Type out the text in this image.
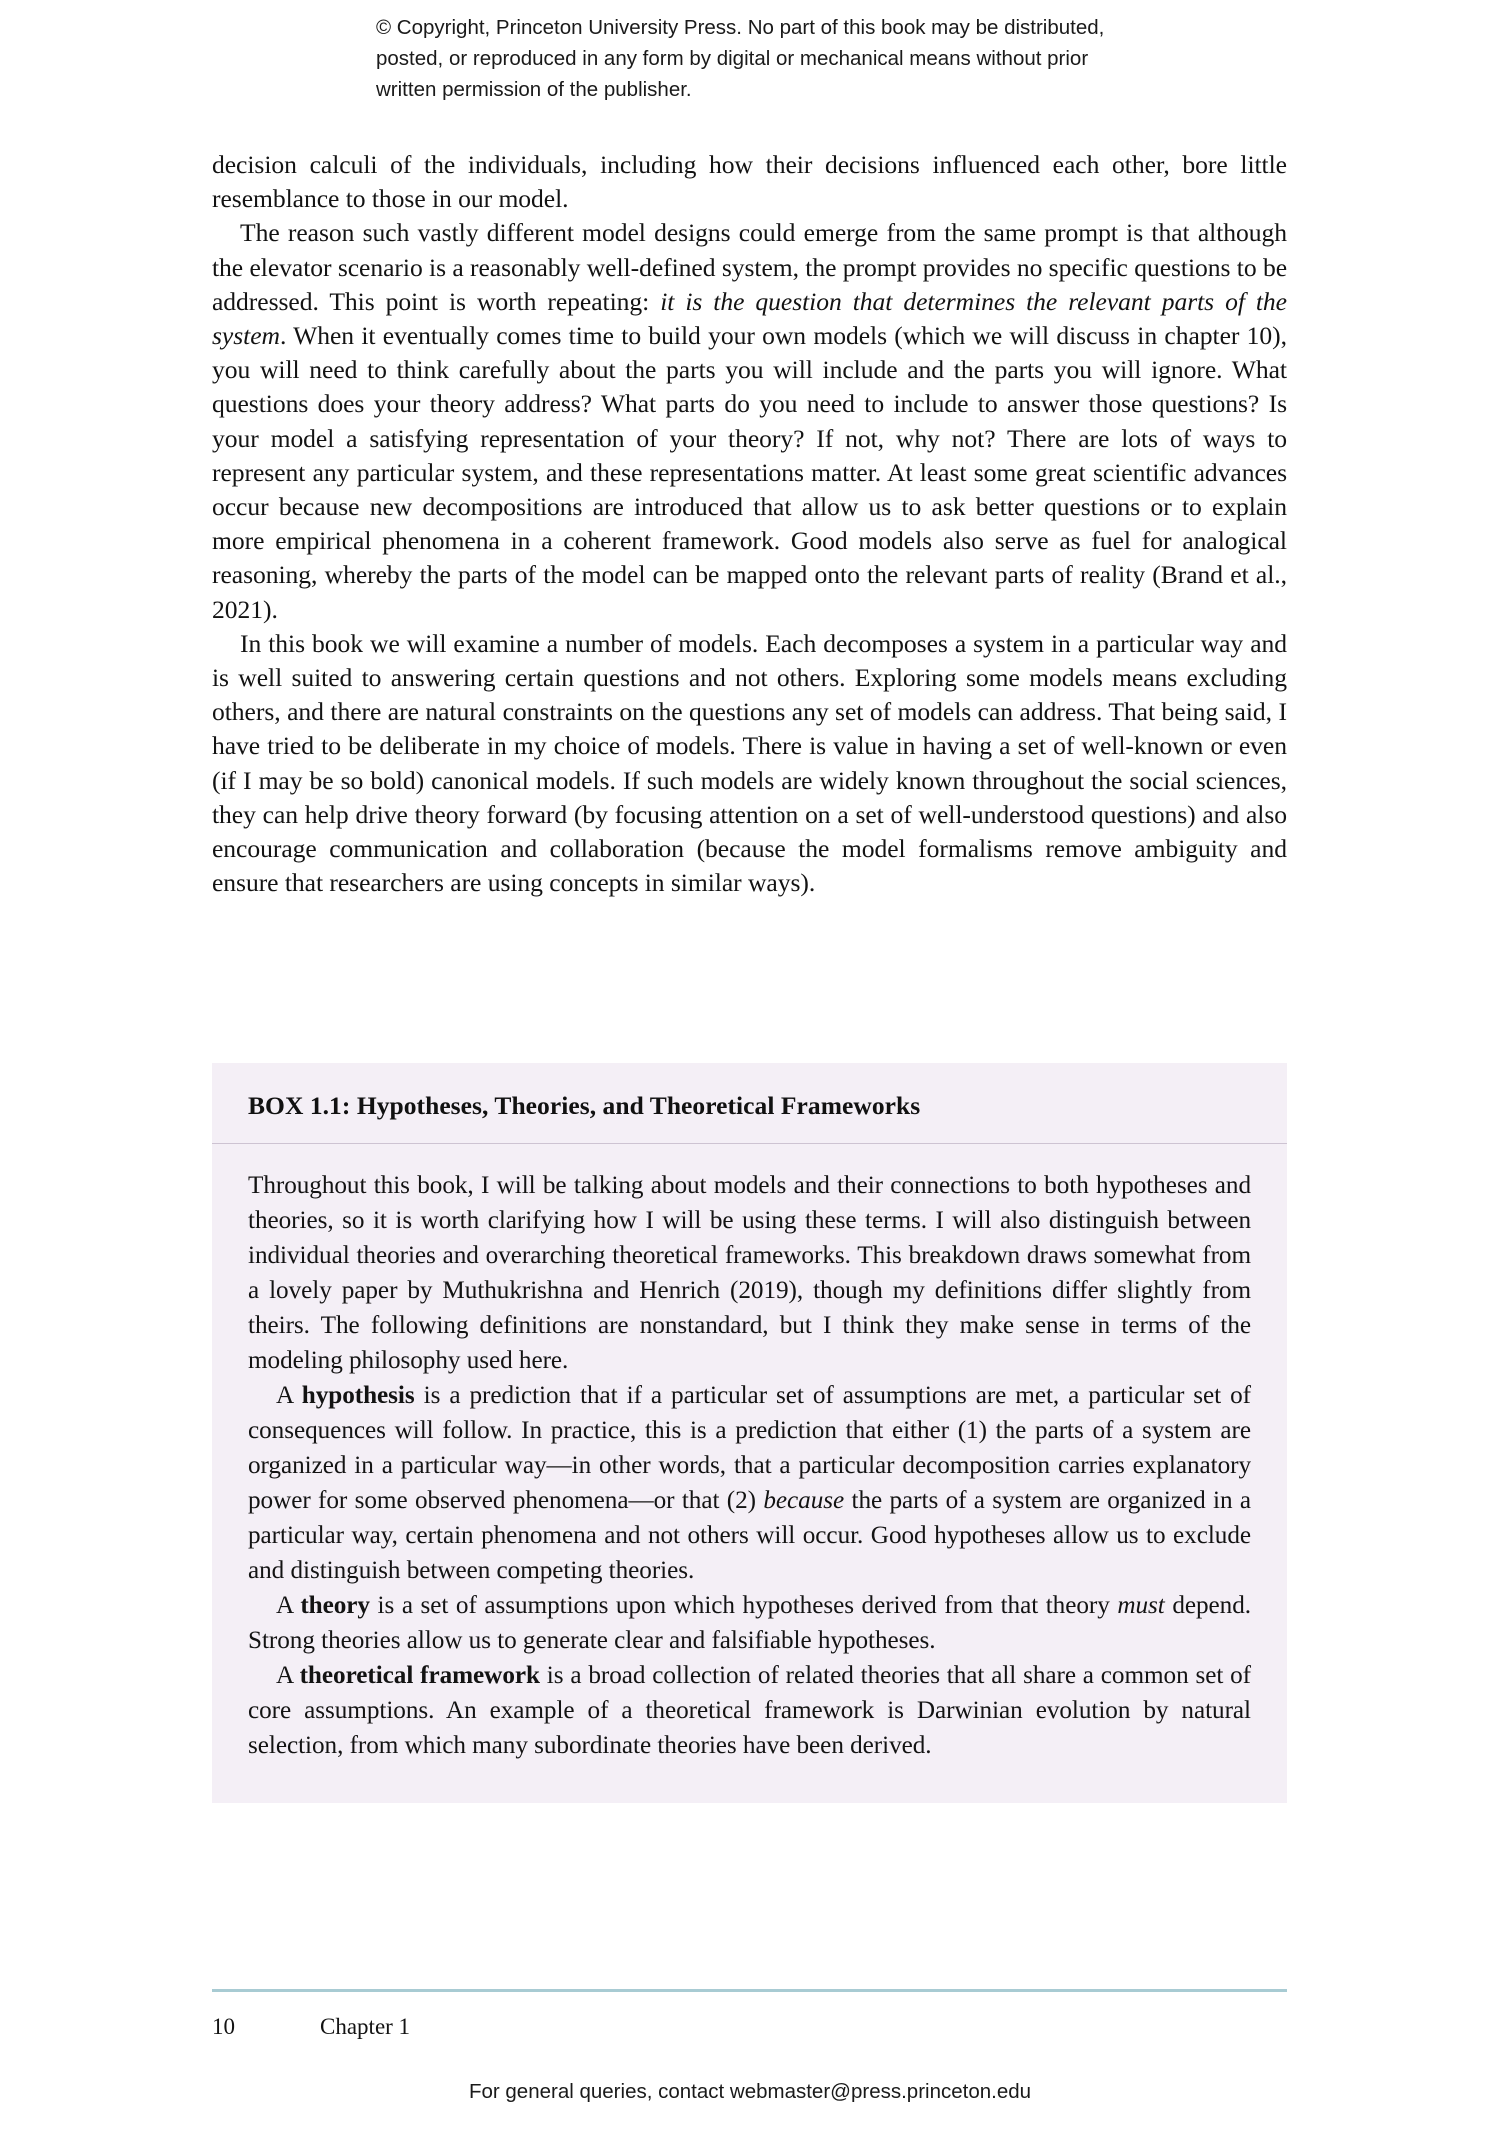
© Copyright, Princeton University Press. No part of this book may be distributed, posted, or reproduced in any form by digital or mechanical means without prior written permission of the publisher.

decision calculi of the individuals, including how their decisions influenced each other, bore little resemblance to those in our model.

The reason such vastly different model designs could emerge from the same prompt is that although the elevator scenario is a reasonably well-defined system, the prompt provides no specific questions to be addressed. This point is worth repeating: it is the question that determines the relevant parts of the system. When it eventually comes time to build your own models (which we will discuss in chapter 10), you will need to think carefully about the parts you will include and the parts you will ignore. What questions does your theory address? What parts do you need to include to answer those questions? Is your model a satisfying representation of your theory? If not, why not? There are lots of ways to represent any particular system, and these representations matter. At least some great scientific advances occur because new decompositions are introduced that allow us to ask better questions or to explain more empirical phenomena in a coherent framework. Good models also serve as fuel for analogical reasoning, whereby the parts of the model can be mapped onto the relevant parts of reality (Brand et al., 2021).

In this book we will examine a number of models. Each decomposes a system in a particular way and is well suited to answering certain questions and not others. Exploring some models means excluding others, and there are natural constraints on the questions any set of models can address. That being said, I have tried to be deliberate in my choice of models. There is value in having a set of well-known or even (if I may be so bold) canonical models. If such models are widely known throughout the social sciences, they can help drive theory forward (by focusing attention on a set of well-understood questions) and also encourage communication and collaboration (because the model formalisms remove ambiguity and ensure that researchers are using concepts in similar ways).

BOX 1.1: Hypotheses, Theories, and Theoretical Frameworks

Throughout this book, I will be talking about models and their connections to both hypotheses and theories, so it is worth clarifying how I will be using these terms. I will also distinguish between individual theories and overarching theoretical frameworks. This breakdown draws somewhat from a lovely paper by Muthukrishna and Henrich (2019), though my definitions differ slightly from theirs. The following definitions are nonstandard, but I think they make sense in terms of the modeling philosophy used here.

A hypothesis is a prediction that if a particular set of assumptions are met, a particular set of consequences will follow. In practice, this is a prediction that either (1) the parts of a system are organized in a particular way—in other words, that a particular decomposition carries explanatory power for some observed phenomena—or that (2) because the parts of a system are organized in a particular way, certain phenomena and not others will occur. Good hypotheses allow us to exclude and distinguish between competing theories.

A theory is a set of assumptions upon which hypotheses derived from that theory must depend. Strong theories allow us to generate clear and falsifiable hypotheses.

A theoretical framework is a broad collection of related theories that all share a common set of core assumptions. An example of a theoretical framework is Darwinian evolution by natural selection, from which many subordinate theories have been derived.

10	Chapter 1
For general queries, contact webmaster@press.princeton.edu
